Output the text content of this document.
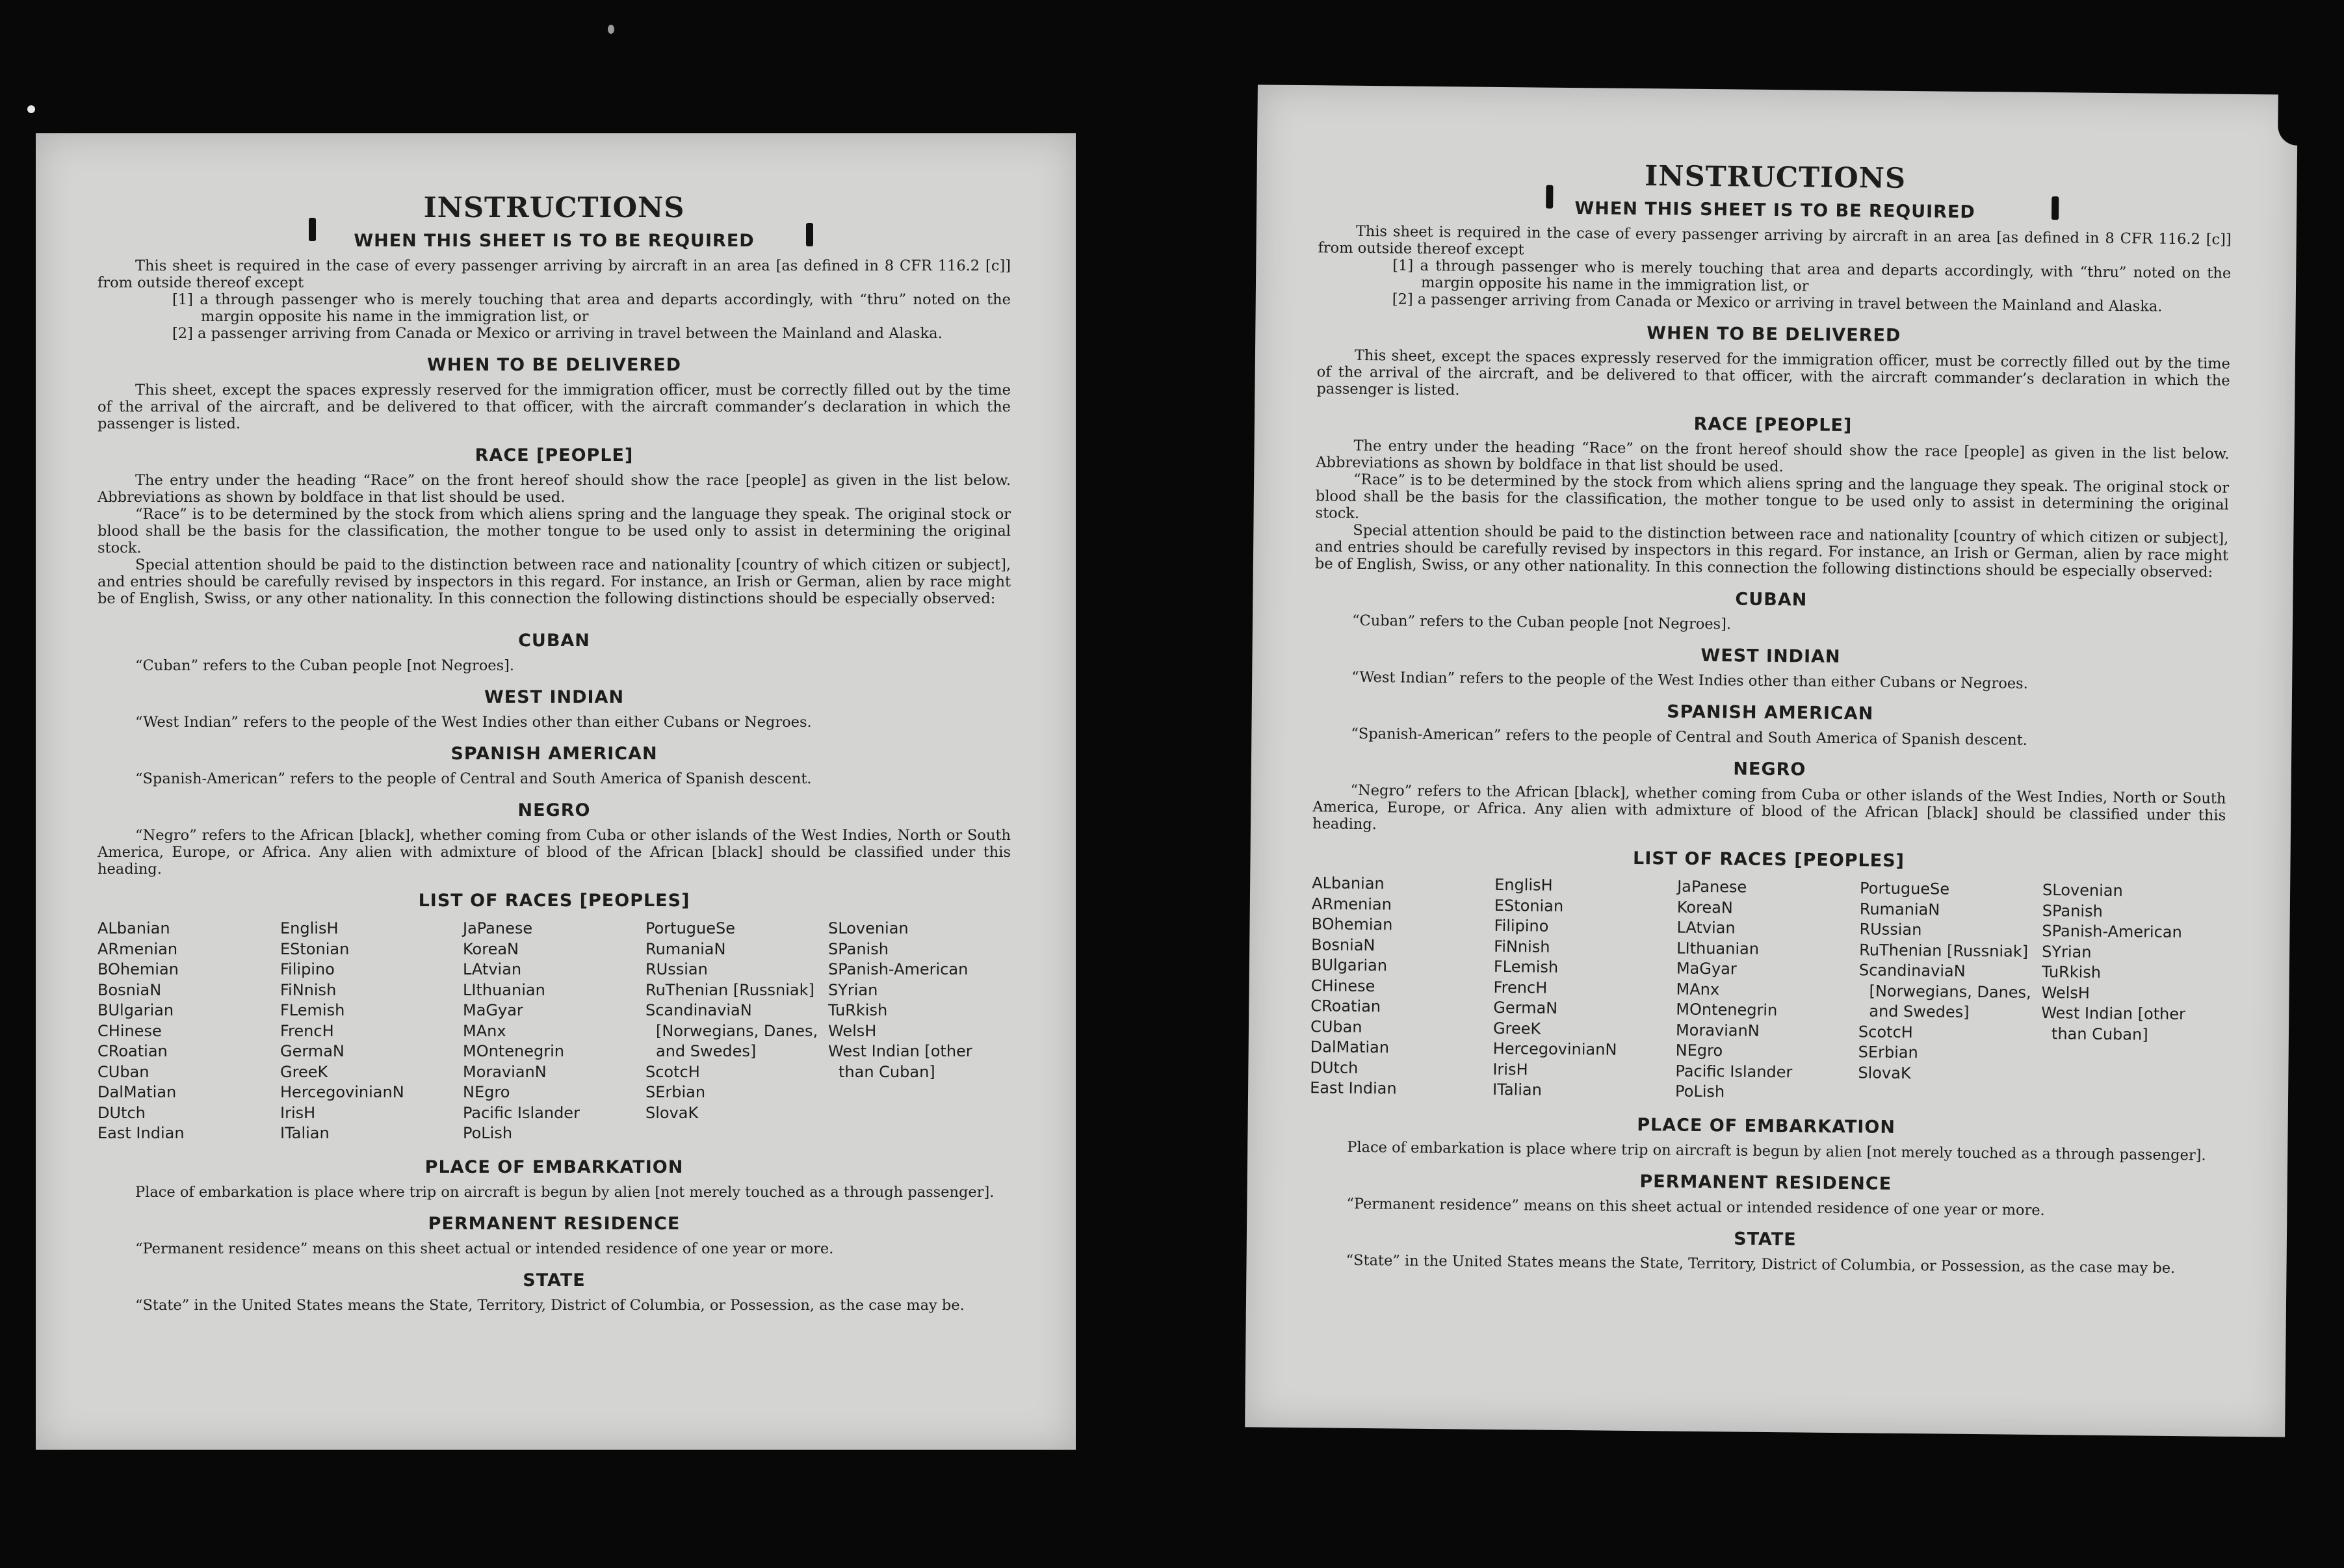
INSTRUCTIONS
WHEN THIS SHEET IS TO BE REQUIRED

This sheet is required in the case of every passenger arriving by aircraft in an area [as defined in 8 CFR 116.2 [c]] from outside thereof except

[1] a through passenger who is merely touching that area and departs accordingly, with “thru” noted on the margin opposite his name in the immigration list, or

[2] a passenger arriving from Canada or Mexico or arriving in travel between the Mainland and Alaska.

WHEN TO BE DELIVERED

This sheet, except the spaces expressly reserved for the immigration officer, must be correctly filled out by the time of the arrival of the aircraft, and be delivered to that officer, with the aircraft commander’s declaration in which the passenger is listed.

RACE [PEOPLE]

The entry under the heading “Race” on the front hereof should show the race [people] as given in the list below. Abbreviations as shown by boldface in that list should be used.

“Race” is to be determined by the stock from which aliens spring and the language they speak. The original stock or blood shall be the basis for the classification, the mother tongue to be used only to assist in determining the original stock.

Special attention should be paid to the distinction between race and nationality [country of which citizen or subject], and entries should be carefully revised by inspectors in this regard. For instance, an Irish or German, alien by race might be of English, Swiss, or any other nationality. In this connection the following distinctions should be especially observed:

CUBAN

“Cuban” refers to the Cuban people [not Negroes].

WEST INDIAN

“West Indian” refers to the people of the West Indies other than either Cubans or Negroes.

SPANISH AMERICAN

“Spanish-American” refers to the people of Central and South America of Spanish descent.

NEGRO

“Negro” refers to the African [black], whether coming from Cuba or other islands of the West Indies, North or South America, Europe, or Africa. Any alien with admixture of blood of the African [black] should be classified under this heading.

LIST OF RACES [PEOPLES]
ALbanian
ARmenian
BOhemian
BosniaN
BUlgarian
CHinese
CRoatian
CUban
DalMatian
DUtch
East Indian
EnglisH
EStonian
Filipino
FiNnish
FLemish
FrencH
GermaN
GreeK
HercegovinianN
IrisH
ITalian
JaPanese
KoreaN
LAtvian
LIthuanian
MaGyar
MAnx
MOntenegrin
MoravianN
NEgro
Pacific Islander
PoLish
PortugueSe
RumaniaN
RUssian
RuThenian [Russniak]
ScandinaviaN [Norwegians, Danes, and Swedes]
ScotcH
SErbian
SlovaK
SLovenian
SPanish
SPanish-American
SYrian
TuRkish
WelsH
West Indian [other than Cuban]
PLACE OF EMBARKATION

Place of embarkation is place where trip on aircraft is begun by alien [not merely touched as a through passenger].

PERMANENT RESIDENCE

“Permanent residence” means on this sheet actual or intended residence of one year or more.

STATE

“State” in the United States means the State, Territory, District of Columbia, or Possession, as the case may be.

INSTRUCTIONS
WHEN THIS SHEET IS TO BE REQUIRED

This sheet is required in the case of every passenger arriving by aircraft in an area [as defined in 8 CFR 116.2 [c]] from outside thereof except

[1] a through passenger who is merely touching that area and departs accordingly, with “thru” noted on the margin opposite his name in the immigration list, or

[2] a passenger arriving from Canada or Mexico or arriving in travel between the Mainland and Alaska.

WHEN TO BE DELIVERED

This sheet, except the spaces expressly reserved for the immigration officer, must be correctly filled out by the time of the arrival of the aircraft, and be delivered to that officer, with the aircraft commander’s declaration in which the passenger is listed.

RACE [PEOPLE]

The entry under the heading “Race” on the front hereof should show the race [people] as given in the list below. Abbreviations as shown by boldface in that list should be used.

“Race” is to be determined by the stock from which aliens spring and the language they speak. The original stock or blood shall be the basis for the classification, the mother tongue to be used only to assist in determining the original stock.

Special attention should be paid to the distinction between race and nationality [country of which citizen or subject], and entries should be carefully revised by inspectors in this regard. For instance, an Irish or German, alien by race might be of English, Swiss, or any other nationality. In this connection the following distinctions should be especially observed:

CUBAN

“Cuban” refers to the Cuban people [not Negroes].

WEST INDIAN

“West Indian” refers to the people of the West Indies other than either Cubans or Negroes.

SPANISH AMERICAN

“Spanish-American” refers to the people of Central and South America of Spanish descent.

NEGRO

“Negro” refers to the African [black], whether coming from Cuba or other islands of the West Indies, North or South America, Europe, or Africa. Any alien with admixture of blood of the African [black] should be classified under this heading.

LIST OF RACES [PEOPLES]
ALbanian
ARmenian
BOhemian
BosniaN
BUlgarian
CHinese
CRoatian
CUban
DalMatian
DUtch
East Indian
EnglisH
EStonian
Filipino
FiNnish
FLemish
FrencH
GermaN
GreeK
HercegovinianN
IrisH
ITalian
JaPanese
KoreaN
LAtvian
LIthuanian
MaGyar
MAnx
MOntenegrin
MoravianN
NEgro
Pacific Islander
PoLish
PortugueSe
RumaniaN
RUssian
RuThenian [Russniak]
ScandinaviaN [Norwegians, Danes, and Swedes]
ScotcH
SErbian
SlovaK
SLovenian
SPanish
SPanish-American
SYrian
TuRkish
WelsH
West Indian [other than Cuban]
PLACE OF EMBARKATION

Place of embarkation is place where trip on aircraft is begun by alien [not merely touched as a through passenger].

PERMANENT RESIDENCE

“Permanent residence” means on this sheet actual or intended residence of one year or more.

STATE

“State” in the United States means the State, Territory, District of Columbia, or Possession, as the case may be.
